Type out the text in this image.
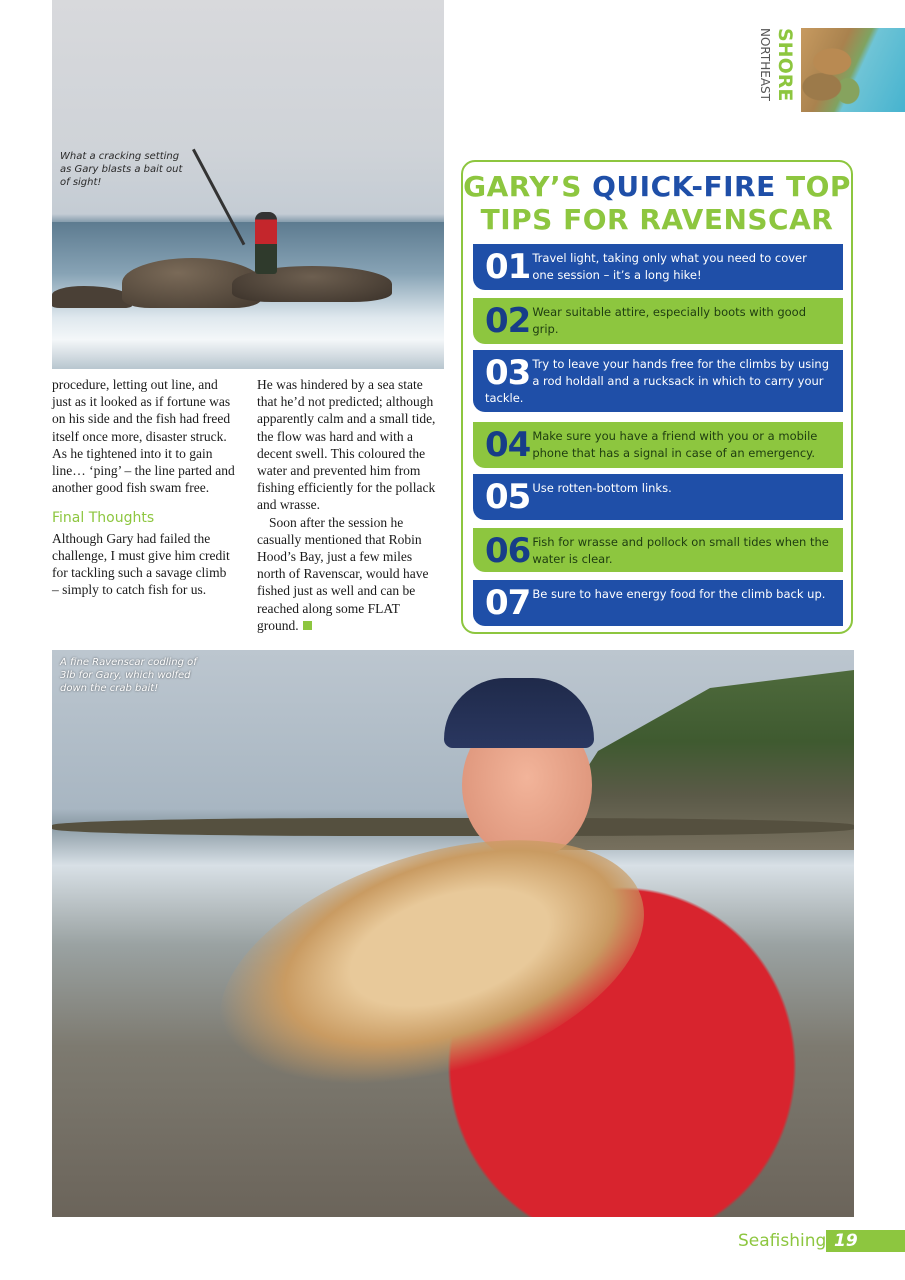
What a cracking setting as Gary blasts a bait out of sight!

NORTHEAST SHORE

procedure, letting out line, and just as it looked as if fortune was on his side and the fish had freed itself once more, disaster struck. As he tightened into it to gain line… ‘ping’ – the line parted and another good fish swam free.

Final Thoughts

Although Gary had failed the challenge, I must give him credit for tackling such a savage climb – simply to catch fish for us.

He was hindered by a sea state that he’d not predicted; although apparently calm and a small tide, the flow was hard and with a decent swell. This coloured the water and prevented him from fishing efficiently for the pollack and wrasse.

Soon after the session he casually mentioned that Robin Hood’s Bay, just a few miles north of Ravenscar, would have fished just as well and can be reached along some FLAT ground.

GARY’S QUICK-FIRE TOP
TIPS FOR RAVENSCAR
01 Travel light, taking only what you need to cover one session – it’s a long hike!
02 Wear suitable attire, especially boots with good grip.
03 Try to leave your hands free for the climbs by using a rod holdall and a rucksack in which to carry your tackle.
04 Make sure you have a friend with you or a mobile phone that has a signal in case of an emergency.
05 Use rotten-bottom links.
06 Fish for wrasse and pollock on small tides when the water is clear.
07 Be sure to have energy food for the climb back up.

A fine Ravenscar codling of 3lb for Gary, which wolfed down the crab bait!

Seafishing 19
